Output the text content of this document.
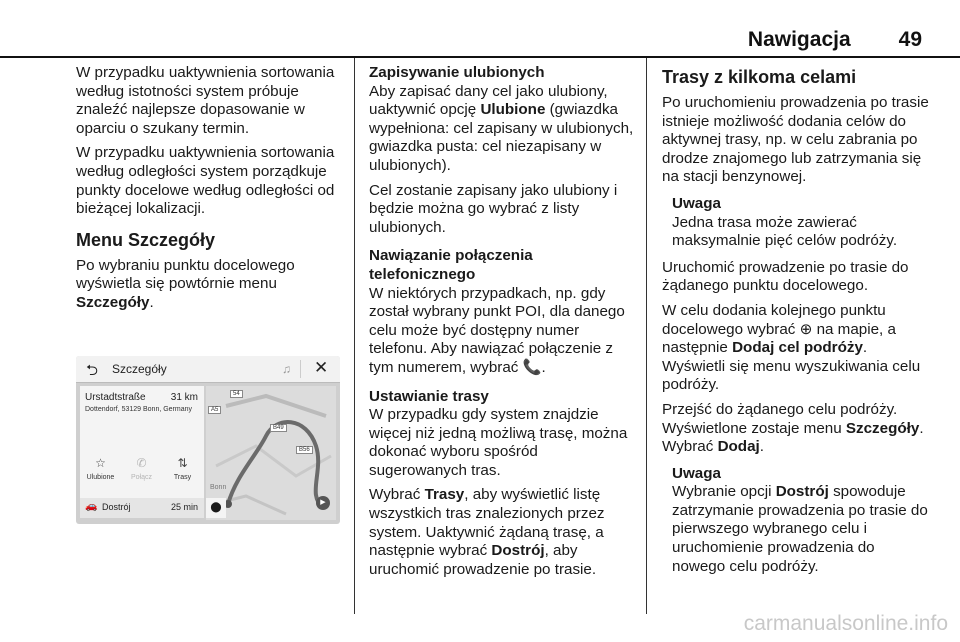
Nawigacja 49

W przypadku uaktywnienia sortowania według istotności system próbuje znaleźć najlepsze dopasowanie w oparciu o szukany termin.

W przypadku uaktywnienia sortowania według odległości system porządkuje punkty docelowe według odległości od bieżącej lokalizacji.

Menu Szczegóły

Po wybraniu punktu docelowego wyświetla się powtórnie menu Szczegóły.

⮌ Szczegóły	♫ ✕
Urstadtstraße	31 km
Dottendorf, 53129 Bonn, Germany
☆
Ulubione
✆
Połącz
⇅
Trasy
🚗 Dostrój	25 min
54
A5
B49
B56
Bonn
⬤	▶
Zapisywanie ulubionych

Aby zapisać dany cel jako ulubiony, uaktywnić opcję Ulubione (gwiazdka wypełniona: cel zapisany w ulubionych, gwiazdka pusta: cel niezapisany w ulubionych).

Cel zostanie zapisany jako ulubiony i będzie można go wybrać z listy ulubionych.

Nawiązanie połączenia telefonicznego

W niektórych przypadkach, np. gdy został wybrany punkt POI, dla danego celu może być dostępny numer telefonu. Aby nawiązać połączenie z tym numerem, wybrać 📞.

Ustawianie trasy

W przypadku gdy system znajdzie więcej niż jedną możliwą trasę, można dokonać wyboru spośród sugerowanych tras.

Wybrać Trasy, aby wyświetlić listę wszystkich tras znalezionych przez system. Uaktywnić żądaną trasę, a następnie wybrać Dostrój, aby uruchomić prowadzenie po trasie.

Trasy z kilkoma celami

Po uruchomieniu prowadzenia po trasie istnieje możliwość dodania celów do aktywnej trasy, np. w celu zabrania po drodze znajomego lub zatrzymania się na stacji benzynowej.

Uwaga
Jedna trasa może zawierać maksymalnie pięć celów podróży.

Uruchomić prowadzenie po trasie do żądanego punktu docelowego.

W celu dodania kolejnego punktu docelowego wybrać ⊕ na mapie, a następnie Dodaj cel podróży. Wyświetli się menu wyszukiwania celu podróży.

Przejść do żądanego celu podróży. Wyświetlone zostaje menu Szczegóły. Wybrać Dodaj.

Uwaga
Wybranie opcji Dostrój spowoduje zatrzymanie prowadzenia po trasie do pierwszego wybranego celu i uruchomienie prowadzenia do nowego celu podróży.
carmanualsonline.info
